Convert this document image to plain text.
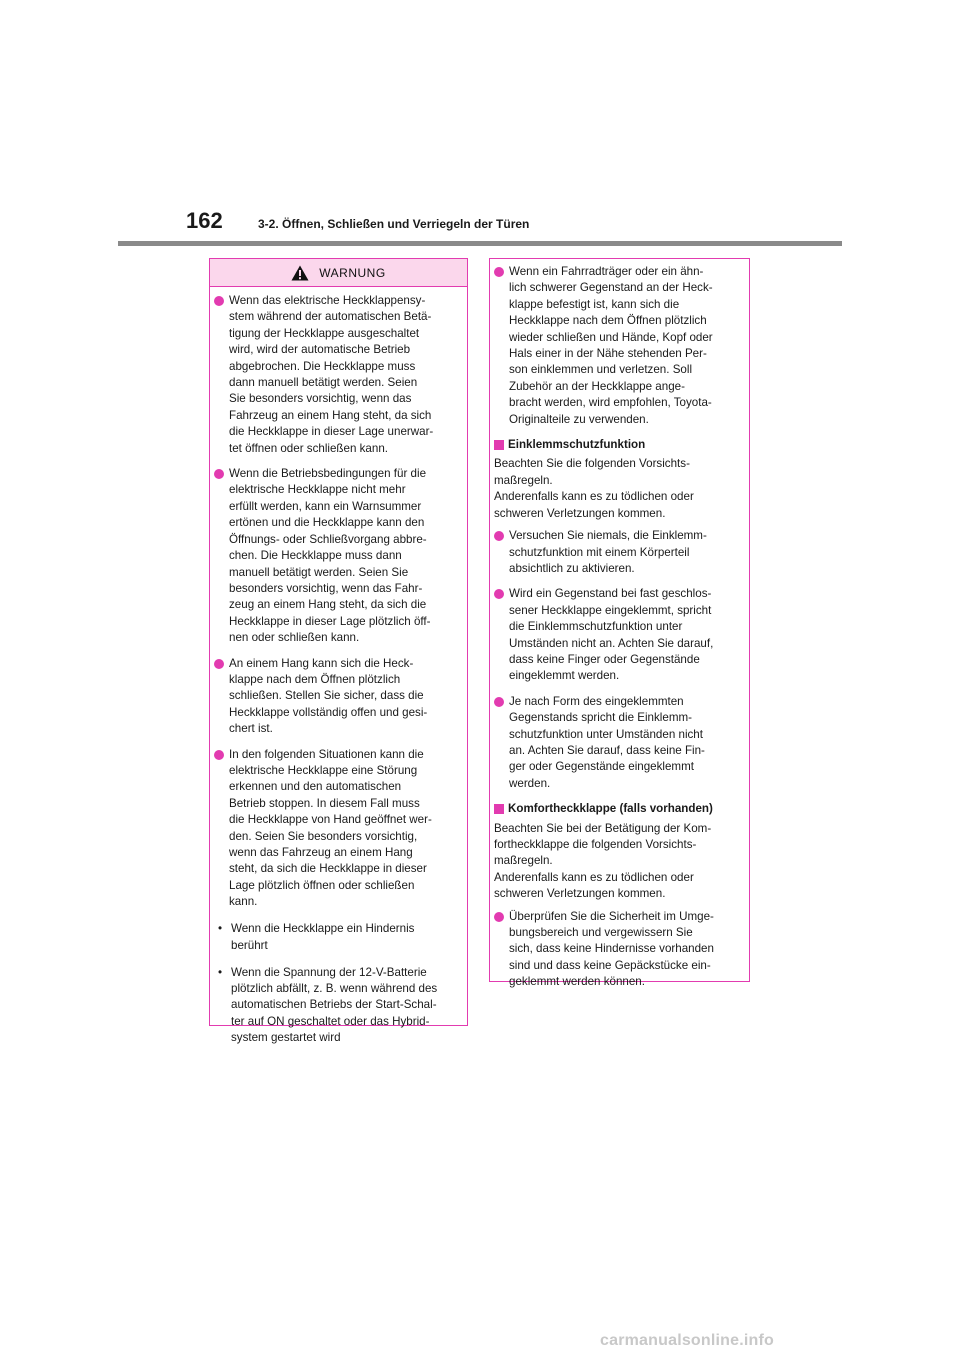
162	3-2. Öffnen, Schließen und Verriegeln der Türen
WARNUNG

Wenn das elektrische Heckklappensy-
stem während der automatischen Betä-
tigung der Heckklappe ausgeschaltet
wird, wird der automatische Betrieb
abgebrochen. Die Heckklappe muss
dann manuell betätigt werden. Seien
Sie besonders vorsichtig, wenn das
Fahrzeug an einem Hang steht, da sich
die Heckklappe in dieser Lage unerwar-
tet öffnen oder schließen kann.

Wenn die Betriebsbedingungen für die
elektrische Heckklappe nicht mehr
erfüllt werden, kann ein Warnsummer
ertönen und die Heckklappe kann den
Öffnungs- oder Schließvorgang abbre-
chen. Die Heckklappe muss dann
manuell betätigt werden. Seien Sie
besonders vorsichtig, wenn das Fahr-
zeug an einem Hang steht, da sich die
Heckklappe in dieser Lage plötzlich öff-
nen oder schließen kann.

An einem Hang kann sich die Heck-
klappe nach dem Öffnen plötzlich
schließen. Stellen Sie sicher, dass die
Heckklappe vollständig offen und gesi-
chert ist.

In den folgenden Situationen kann die
elektrische Heckklappe eine Störung
erkennen und den automatischen
Betrieb stoppen. In diesem Fall muss
die Heckklappe von Hand geöffnet wer-
den. Seien Sie besonders vorsichtig,
wenn das Fahrzeug an einem Hang
steht, da sich die Heckklappe in dieser
Lage plötzlich öffnen oder schließen
kann.

• Wenn die Heckklappe ein Hindernis
berührt

• Wenn die Spannung der 12-V-Batterie
plötzlich abfällt, z. B. wenn während des
automatischen Betriebs der Start-Schal-
ter auf ON geschaltet oder das Hybrid-
system gestartet wird

Wenn ein Fahrradträger oder ein ähn-
lich schwerer Gegenstand an der Heck-
klappe befestigt ist, kann sich die
Heckklappe nach dem Öffnen plötzlich
wieder schließen und Hände, Kopf oder
Hals einer in der Nähe stehenden Per-
son einklemmen und verletzen. Soll
Zubehör an der Heckklappe ange-
bracht werden, wird empfohlen, Toyota-
Originalteile zu verwenden.

Einklemmschutzfunktion

Beachten Sie die folgenden Vorsichts-
maßregeln.
Anderenfalls kann es zu tödlichen oder
schweren Verletzungen kommen.

Versuchen Sie niemals, die Einklemm-
schutzfunktion mit einem Körperteil
absichtlich zu aktivieren.

Wird ein Gegenstand bei fast geschlos-
sener Heckklappe eingeklemmt, spricht
die Einklemmschutzfunktion unter
Umständen nicht an. Achten Sie darauf,
dass keine Finger oder Gegenstände
eingeklemmt werden.

Je nach Form des eingeklemmten
Gegenstands spricht die Einklemm-
schutzfunktion unter Umständen nicht
an. Achten Sie darauf, dass keine Fin-
ger oder Gegenstände eingeklemmt
werden.

Komfortheckklappe (falls vorhanden)

Beachten Sie bei der Betätigung der Kom-
fortheckklappe die folgenden Vorsichts-
maßregeln.
Anderenfalls kann es zu tödlichen oder
schweren Verletzungen kommen.

Überprüfen Sie die Sicherheit im Umge-
bungsbereich und vergewissern Sie
sich, dass keine Hindernisse vorhanden
sind und dass keine Gepäckstücke ein-
geklemmt werden können.

carmanualsonline.info
